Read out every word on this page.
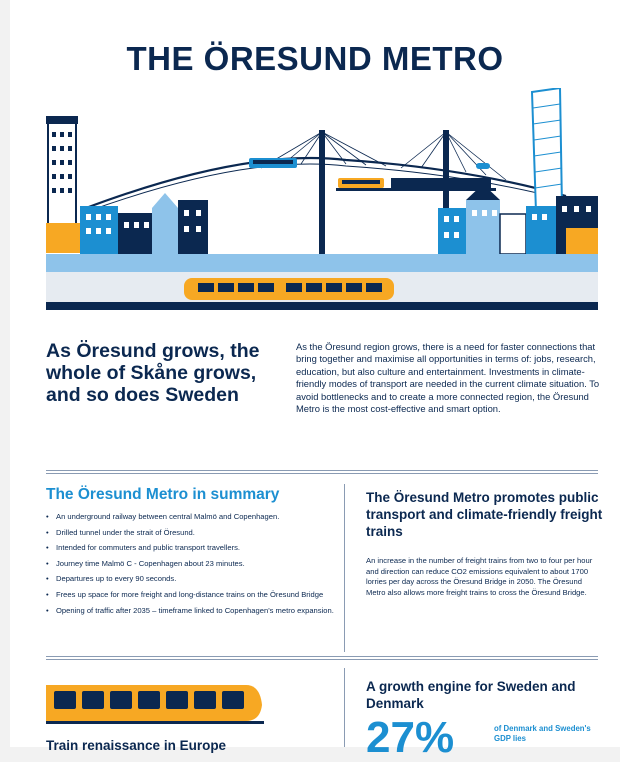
THE ÖRESUND METRO
As Öresund grows, the whole of Skåne grows, and so does Sweden

As the Öresund region grows, there is a need for faster connections that bring together and maximise all opportunities in terms of: jobs, research, education, but also culture and entertainment. Investments in climate-friendly modes of transport are needed in the current climate situation. To avoid bottlenecks and to create a more connected region, the Öresund Metro is the most cost-effective and smart option.

The Öresund Metro in summary
• An underground railway between central Malmö and Copenhagen.
• Drilled tunnel under the strait of Öresund.
• Intended for commuters and public transport travellers.
• Journey time Malmö C - Copenhagen about 23 minutes.
• Departures up to every 90 seconds.
• Frees up space for more freight and long-distance trains on the Öresund Bridge
• Opening of traffic after 2035 – timeframe linked to Copenhagen's metro expansion.
The Öresund Metro promotes public transport and climate-friendly freight trains

An increase in the number of freight trains from two to four per hour and direction can reduce CO2 emissions equivalent to about 1700 lorries per day across the Öresund Bridge in 2050. The Öresund Metro also allows more freight trains to cross the Öresund Bridge.

Train renaissance in Europe
A growth engine for Sweden and Denmark
27%	of Denmark and Sweden's GDP lies
